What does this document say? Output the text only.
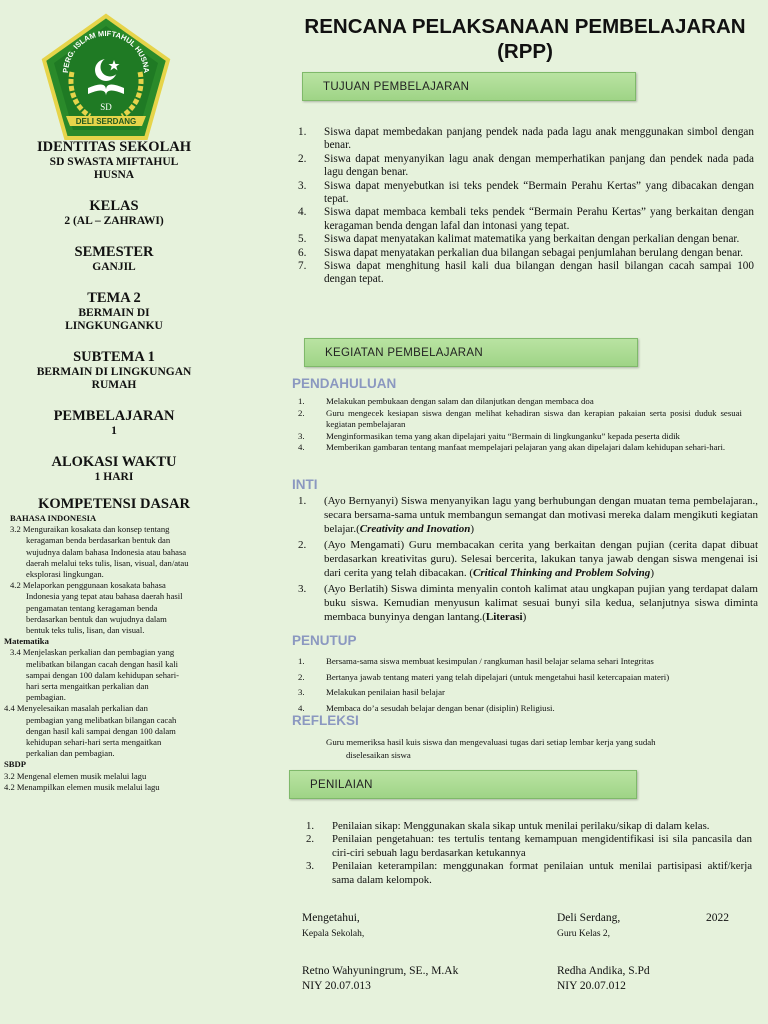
PERG. ISLAM MIFTAHUL HUSNA
SD
DELI SERDANG
IDENTITAS SEKOLAH
SD SWASTA MIFTAHUL HUSNA
KELAS
2 (AL – ZAHRAWI)
SEMESTER
GANJIL
TEMA 2
BERMAIN DI LINGKUNGANKU
SUBTEMA 1
BERMAIN DI LINGKUNGAN RUMAH
PEMBELAJARAN
1
ALOKASI WAKTU
1 HARI
KOMPETENSI DASAR
BAHASA INDONESIA
3.2 Menguraikan kosakata dan konsep tentang
keragaman benda berdasarkan bentuk dan
wujudnya dalam bahasa Indonesia atau bahasa
daerah melalui teks tulis, lisan, visual, dan/atau
eksplorasi lingkungan.
4.2 Melaporkan penggunaan kosakata bahasa
Indonesia yang tepat atau bahasa daerah hasil
pengamatan tentang keragaman benda
berdasarkan bentuk dan wujudnya dalam
bentuk teks tulis, lisan, dan visual.
Matematika
3.4 Menjelaskan perkalian dan pembagian yang
melibatkan bilangan cacah dengan hasil kali
sampai dengan 100 dalam kehidupan sehari-
hari serta mengaitkan perkalian dan
pembagian.
4.4 Menyelesaikan masalah perkalian dan
pembagian yang melibatkan bilangan cacah
dengan hasil kali sampai dengan 100 dalam
kehidupan sehari-hari serta mengaitkan
perkalian dan pembagian.
SBDP
3.2 Mengenal elemen musik melalui lagu
4.2 Menampilkan elemen musik melalui lagu
RENCANA PELAKSANAAN PEMBELAJARAN
(RPP)
TUJUAN PEMBELAJARAN
1.	Siswa dapat membedakan panjang pendek nada pada lagu anak menggunakan simbol dengan benar.
2.	Siswa dapat menyanyikan lagu anak dengan memperhatikan panjang dan pendek nada pada lagu dengan benar.
3.	Siswa dapat menyebutkan isi teks pendek “Bermain Perahu Kertas” yang dibacakan dengan tepat.
4.	Siswa dapat membaca kembali teks pendek “Bermain Perahu Kertas” yang berkaitan dengan keragaman benda dengan lafal dan intonasi yang tepat.
5.	Siswa dapat menyatakan kalimat matematika yang berkaitan dengan perkalian dengan benar.
6.	Siswa dapat menyatakan perkalian dua bilangan sebagai penjumlahan berulang dengan benar.
7.	Siswa dapat menghitung hasil kali dua bilangan dengan hasil bilangan cacah sampai 100 dengan tepat.
KEGIATAN PEMBELAJARAN
PENDAHULUAN
1.	Melakukan pembukaan dengan salam dan dilanjutkan dengan membaca doa
2.	Guru mengecek kesiapan siswa dengan melihat kehadiran siswa dan kerapian pakaian serta posisi duduk sesuai kegiatan pembelajaran
3.	Menginformasikan tema yang akan dipelajari yaitu “Bermain di lingkunganku” kepada peserta didik
4.	Memberikan gambaran tentang manfaat mempelajari pelajaran yang akan dipelajari dalam kehidupan sehari-hari.
INTI
1.	(Ayo Bernyanyi) Siswa menyanyikan lagu yang berhubungan dengan muatan tema pembelajaran., secara bersama-sama untuk membangun semangat dan motivasi mereka dalam mengikuti kegiatan belajar.(Creativity and Inovation)
2.	(Ayo Mengamati) Guru membacakan cerita yang berkaitan dengan pujian (cerita dapat dibuat berdasarkan kreativitas guru). Selesai bercerita, lakukan tanya jawab dengan siswa mengenai isi dari cerita yang telah dibacakan. (Critical Thinking and Problem Solving)
3.	(Ayo Berlatih) Siswa diminta menyalin contoh kalimat atau ungkapan pujian yang terdapat dalam buku siswa. Kemudian menyusun kalimat sesuai bunyi sila kedua, selanjutnya siswa diminta membaca bunyinya dengan lantang.(Literasi)
PENUTUP
1.	Bersama-sama siswa membuat kesimpulan / rangkuman hasil belajar selama sehari Integritas
2.	Bertanya jawab tentang materi yang telah dipelajari (untuk mengetahui hasil ketercapaian materi)
3.	Melakukan penilaian hasil belajar
4.	Membaca do’a sesudah belajar dengan benar (disiplin) Religiusi.
REFLEKSI
Guru memeriksa hasil kuis siswa dan mengevaluasi tugas dari setiap lembar kerja yang sudah
diselesaikan siswa
PENILAIAN
1.	Penilaian sikap: Menggunakan skala sikap untuk menilai perilaku/sikap di dalam kelas.
2.	Penilaian pengetahuan: tes tertulis tentang kemampuan mengidentifikasi isi sila pancasila dan ciri-ciri sebuah lagu berdasarkan ketukannya
3.	Penilaian keterampilan: menggunakan format penilaian untuk menilai partisipasi aktif/kerja sama dalam kelompok.
Mengetahui,
Kepala Sekolah,
Retno Wahyuningrum, SE., M.Ak
NIY 20.07.013
Deli Serdang,	2022
Guru Kelas 2,
Redha Andika, S.Pd
NIY 20.07.012
